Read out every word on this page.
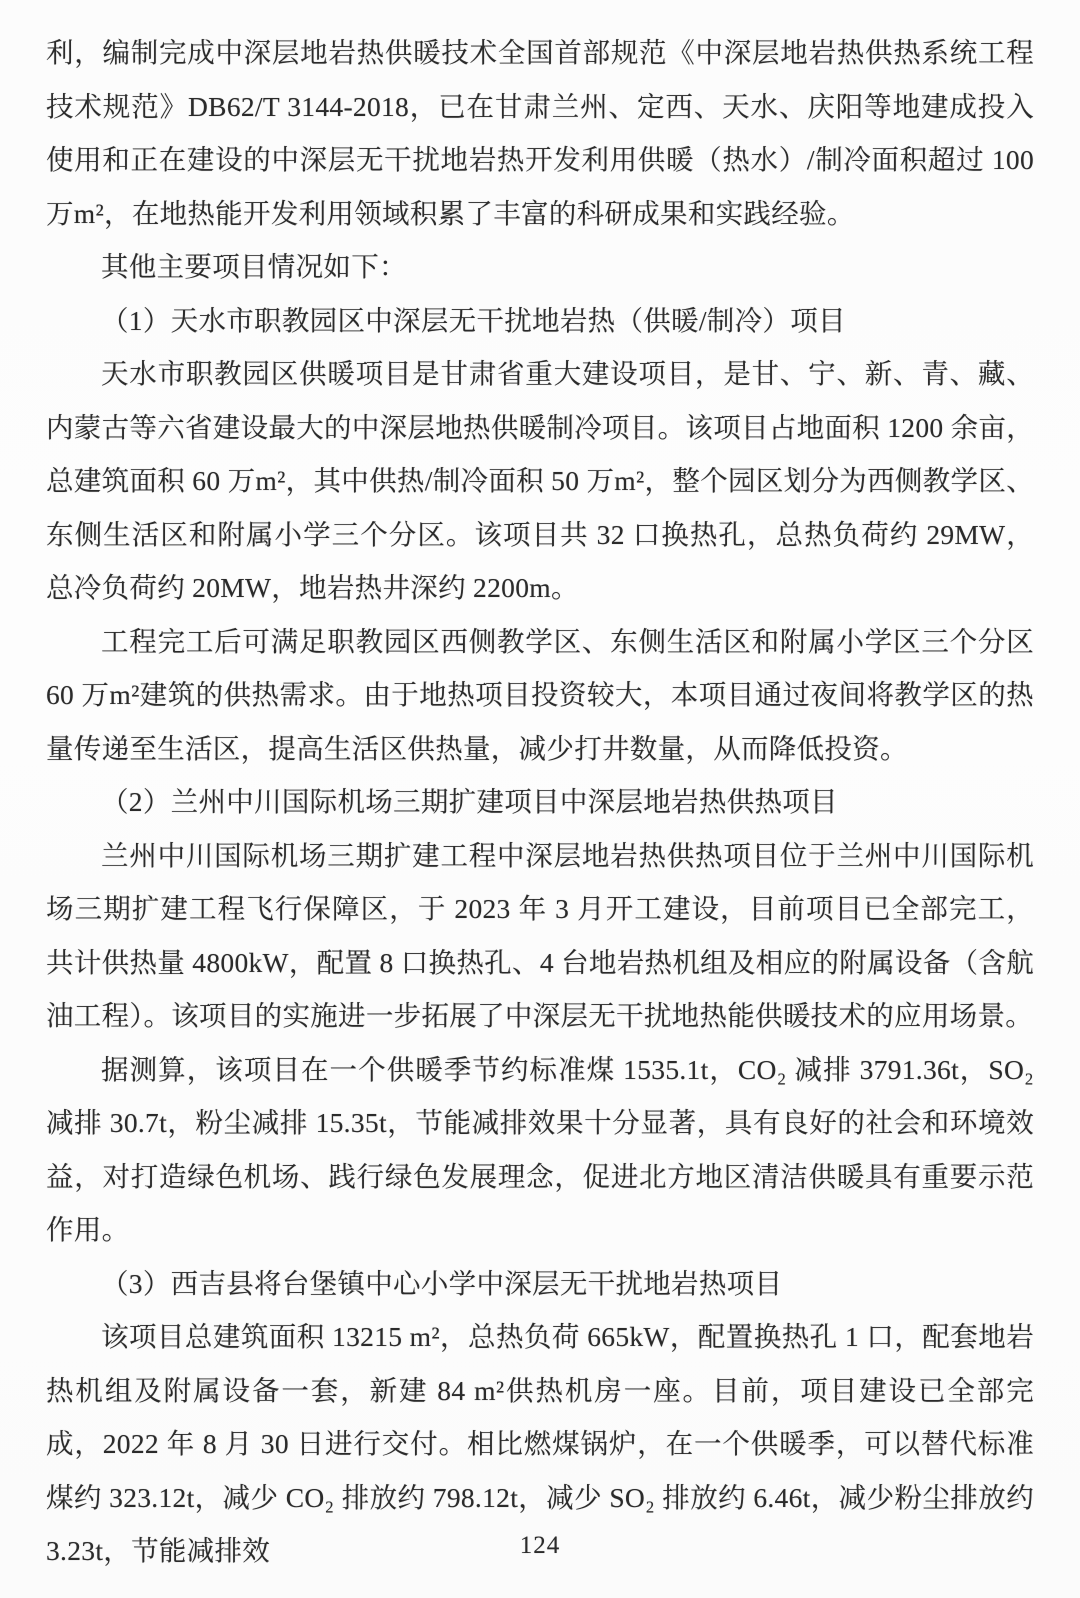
利，编制完成中深层地岩热供暖技术全国首部规范《中深层地岩热供热系统工程技术规范》DB62/T 3144-2018，已在甘肃兰州、定西、天水、庆阳等地建成投入使用和正在建设的中深层无干扰地岩热开发利用供暖（热水）/制冷面积超过 100 万m²，在地热能开发利用领域积累了丰富的科研成果和实践经验。

其他主要项目情况如下：

（1）天水市职教园区中深层无干扰地岩热（供暖/制冷）项目

天水市职教园区供暖项目是甘肃省重大建设项目，是甘、宁、新、青、藏、内蒙古等六省建设最大的中深层地热供暖制冷项目。该项目占地面积 1200 余亩，总建筑面积 60 万m²，其中供热/制冷面积 50 万m²，整个园区划分为西侧教学区、东侧生活区和附属小学三个分区。该项目共 32 口换热孔，总热负荷约 29MW，总冷负荷约 20MW，地岩热井深约 2200m。

工程完工后可满足职教园区西侧教学区、东侧生活区和附属小学区三个分区 60 万m²建筑的供热需求。由于地热项目投资较大，本项目通过夜间将教学区的热量传递至生活区，提高生活区供热量，减少打井数量，从而降低投资。

（2）兰州中川国际机场三期扩建项目中深层地岩热供热项目

兰州中川国际机场三期扩建工程中深层地岩热供热项目位于兰州中川国际机场三期扩建工程飞行保障区，于 2023 年 3 月开工建设，目前项目已全部完工，共计供热量 4800kW，配置 8 口换热孔、4 台地岩热机组及相应的附属设备（含航油工程）。该项目的实施进一步拓展了中深层无干扰地热能供暖技术的应用场景。

据测算，该项目在一个供暖季节约标准煤 1535.1t，CO₂ 减排 3791.36t，SO₂ 减排 30.7t，粉尘减排 15.35t，节能减排效果十分显著，具有良好的社会和环境效益，对打造绿色机场、践行绿色发展理念，促进北方地区清洁供暖具有重要示范作用。

（3）西吉县将台堡镇中心小学中深层无干扰地岩热项目

该项目总建筑面积 13215 m²，总热负荷 665kW，配置换热孔 1 口，配套地岩热机组及附属设备一套，新建 84 m²供热机房一座。目前，项目建设已全部完成，2022 年 8 月 30 日进行交付。相比燃煤锅炉，在一个供暖季，可以替代标准煤约 323.12t，减少 CO₂ 排放约 798.12t，减少 SO₂ 排放约 6.46t，减少粉尘排放约 3.23t，节能减排效	124
